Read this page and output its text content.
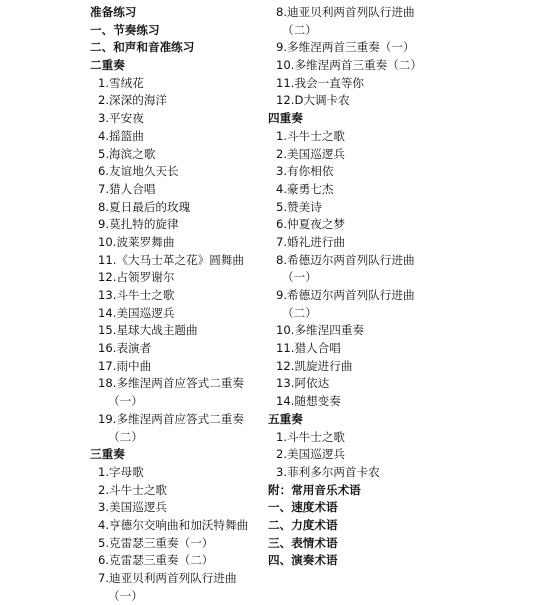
准备练习
一、节奏练习
二、和声和音准练习
二重奏
1.雪绒花
2.深深的海洋
3.平安夜
4.摇篮曲
5.海滨之歌
6.友谊地久天长
7.猎人合唱
8.夏日最后的玫瑰
9.莫扎特的旋律
10.波莱罗舞曲
11.《大马士革之花》圆舞曲
12.占领罗谢尔
13.斗牛士之歌
14.美国巡逻兵
15.星球大战主题曲
16.表演者
17.雨中曲
18.多维涅两首应答式二重奏
（一）
19.多维涅两首应答式二重奏
（二）
三重奏
1.字母歌
2.斗牛士之歌
3.美国巡逻兵
4.亨德尔交响曲和加沃特舞曲
5.克雷瑟三重奏（一）
6.克雷瑟三重奏（二）
7.迪亚贝利两首列队行进曲
（一）
8.迪亚贝利两首列队行进曲
（二）
9.多维涅两首三重奏（一）
10.多维涅两首三重奏（二）
11.我会一直等你
12.D大调卡农
四重奏
1.斗牛士之歌
2.美国巡逻兵
3.有你相依
4.豪勇七杰
5.赞美诗
6.仲夏夜之梦
7.婚礼进行曲
8.希德迈尔两首列队行进曲
（一）
9.希德迈尔两首列队行进曲
（二）
10.多维涅四重奏
11.猎人合唱
12.凯旋进行曲
13.阿依达
14.随想变奏
五重奏
1.斗牛士之歌
2.美国巡逻兵
3.菲利多尔两首卡农
附：常用音乐术语
一、速度术语
二、力度术语
三、表情术语
四、演奏术语
